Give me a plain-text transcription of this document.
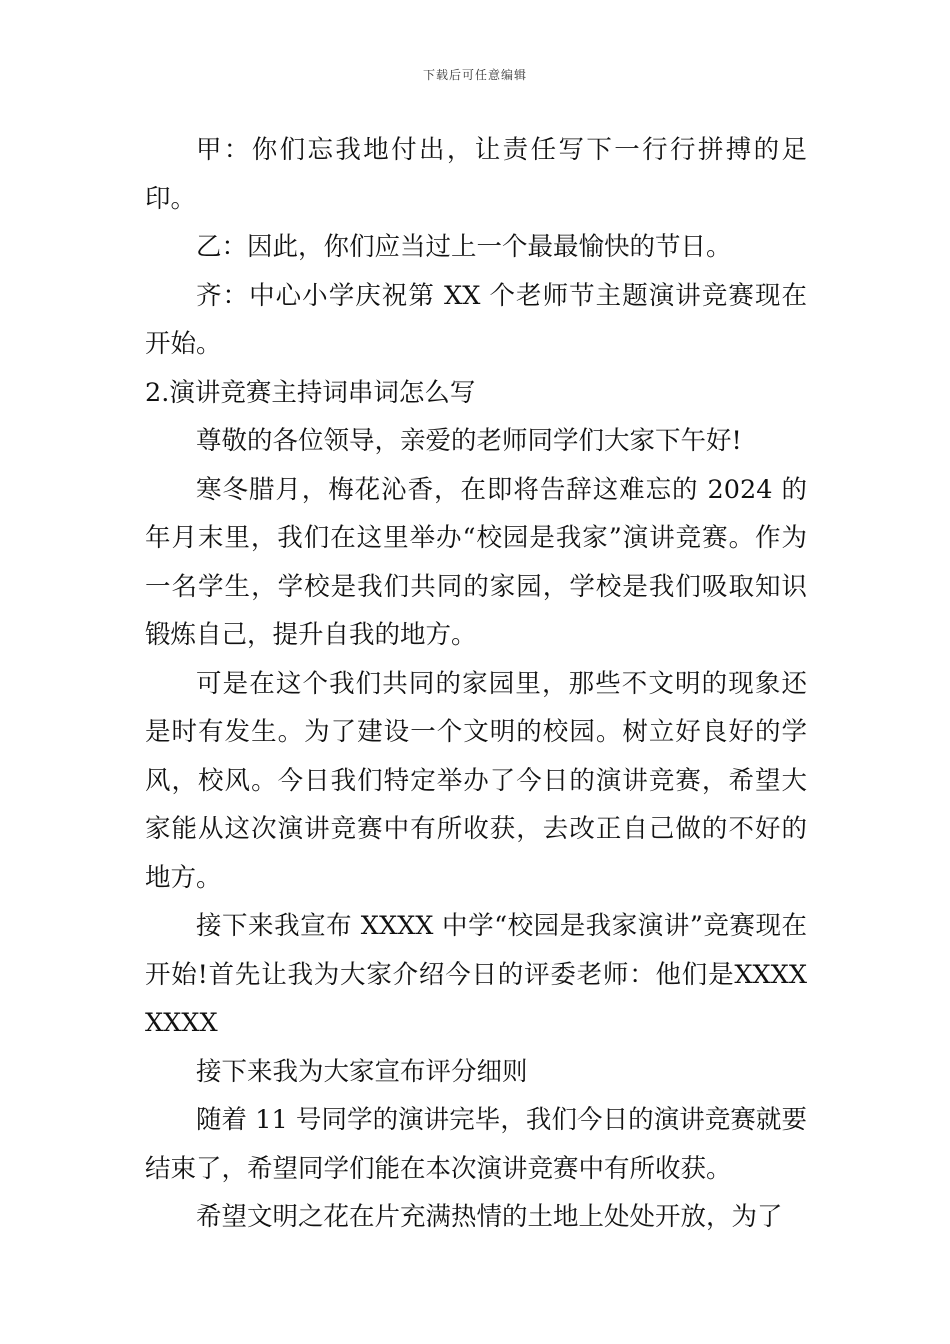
下载后可任意编辑

甲：你们忘我地付出，让责任写下一行行拼搏的足印。

乙：因此，你们应当过上一个最最愉快的节日。

齐：中心小学庆祝第 XX 个老师节主题演讲竞赛现在开始。

2.演讲竞赛主持词串词怎么写

尊敬的各位领导，亲爱的老师同学们大家下午好!

寒冬腊月，梅花沁香，在即将告辞这难忘的 2024 的年月末里，我们在这里举办“校园是我家”演讲竞赛。作为一名学生，学校是我们共同的家园，学校是我们吸取知识锻炼自己，提升自我的地方。

可是在这个我们共同的家园里，那些不文明的现象还是时有发生。为了建设一个文明的校园。树立好良好的学风，校风。今日我们特定举办了今日的演讲竞赛，希望大家能从这次演讲竞赛中有所收获，去改正自己做的不好的地方。

接下来我宣布 XXXX 中学“校园是我家演讲”竞赛现在开始!首先让我为大家介绍今日的评委老师：他们是XXXXXXXX

接下来我为大家宣布评分细则

随着 11 号同学的演讲完毕，我们今日的演讲竞赛就要结束了，希望同学们能在本次演讲竞赛中有所收获。

希望文明之花在片充满热情的土地上处处开放，为了
